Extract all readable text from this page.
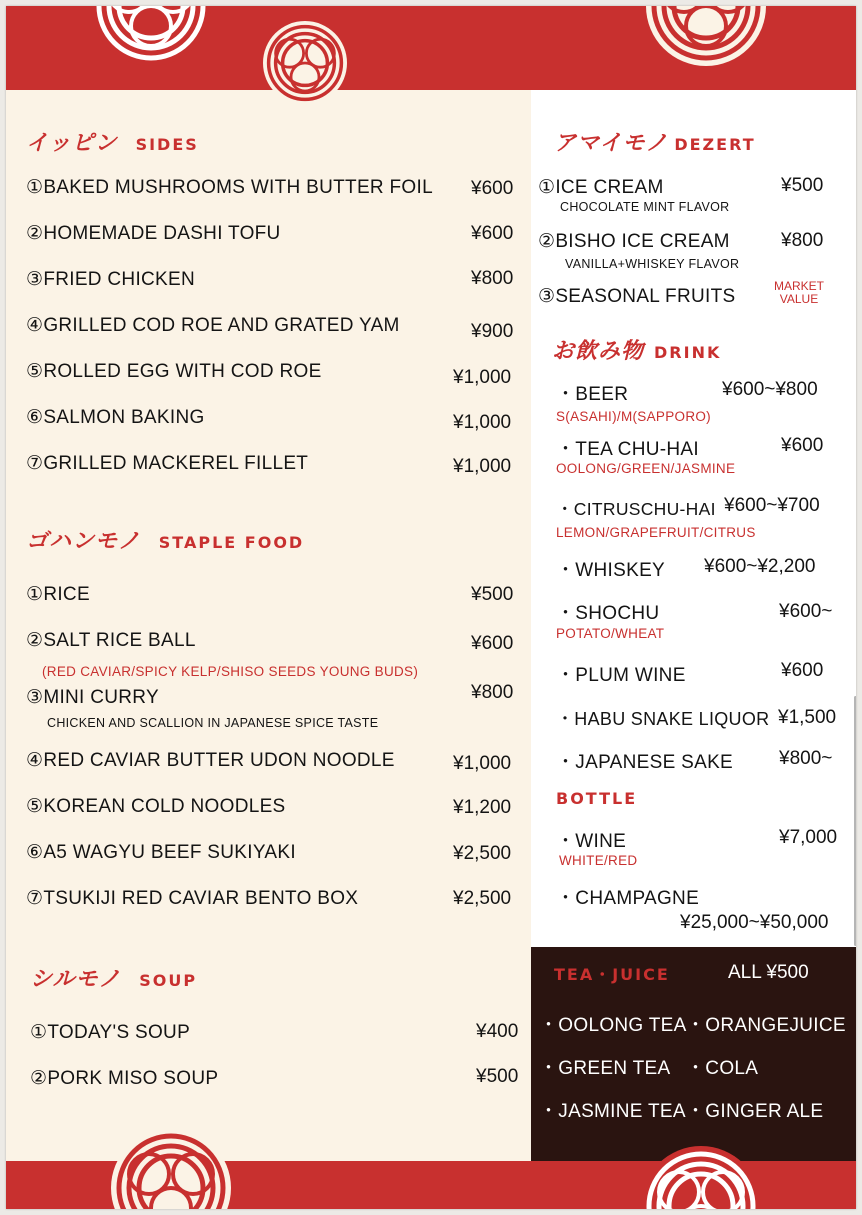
イッピン SIDES
①BAKED MUSHROOMS WITH BUTTER FOIL ¥600
②HOMEMADE DASHI TOFU	¥600
③FRIED CHICKEN	¥800
④GRILLED COD ROE AND GRATED YAM	¥900
⑤ROLLED EGG WITH COD ROE	¥1,000
⑥SALMON BAKING	¥1,000
⑦GRILLED MACKEREL FILLET	¥1,000
ゴハンモノ STAPLE FOOD
①RICE	¥500
②SALT RICE BALL	¥600
(RED CAVIAR/SPICY KELP/SHISO SEEDS YOUNG BUDS)
③MINI CURRY	¥800
CHICKEN AND SCALLION IN JAPANESE SPICE TASTE
④RED CAVIAR BUTTER UDON NOODLE	¥1,000
⑤KOREAN COLD NOODLES	¥1,200
⑥A5 WAGYU BEEF SUKIYAKI	¥2,500
⑦TSUKIJI RED CAVIAR BENTO BOX	¥2,500
シルモノ SOUP
①TODAY'S SOUP	¥400
②PORK MISO SOUP	¥500
アマイモノ DEZERT
①ICE CREAM	¥500
CHOCOLATE MINT FLAVOR
②BISHO ICE CREAM	¥800
VANILLA+WHISKEY FLAVOR
③SEASONAL FRUITS	MARKET
VALUE
お飲み物 DRINK
・BEER	¥600~¥800
S(ASAHI)/M(SAPPORO)
・TEA CHU-HAI	¥600
OOLONG/GREEN/JASMINE
・CITRUSCHU-HAI ¥600~¥700
LEMON/GRAPEFRUIT/CITRUS
・WHISKEY ¥600~¥2,200
・SHOCHU	¥600~
POTATO/WHEAT
・PLUM WINE	¥600
・HABU SNAKE LIQUOR ¥1,500
・JAPANESE SAKE ¥800~
BOTTLE
・WINE	¥7,000
WHITE/RED
・CHAMPAGNE
¥25,000~¥50,000
TEA・JUICE	ALL ¥500
・OOLONG TEA ・ORANGEJUICE
・GREEN TEA ・COLA
・JASMINE TEA ・GINGER ALE
